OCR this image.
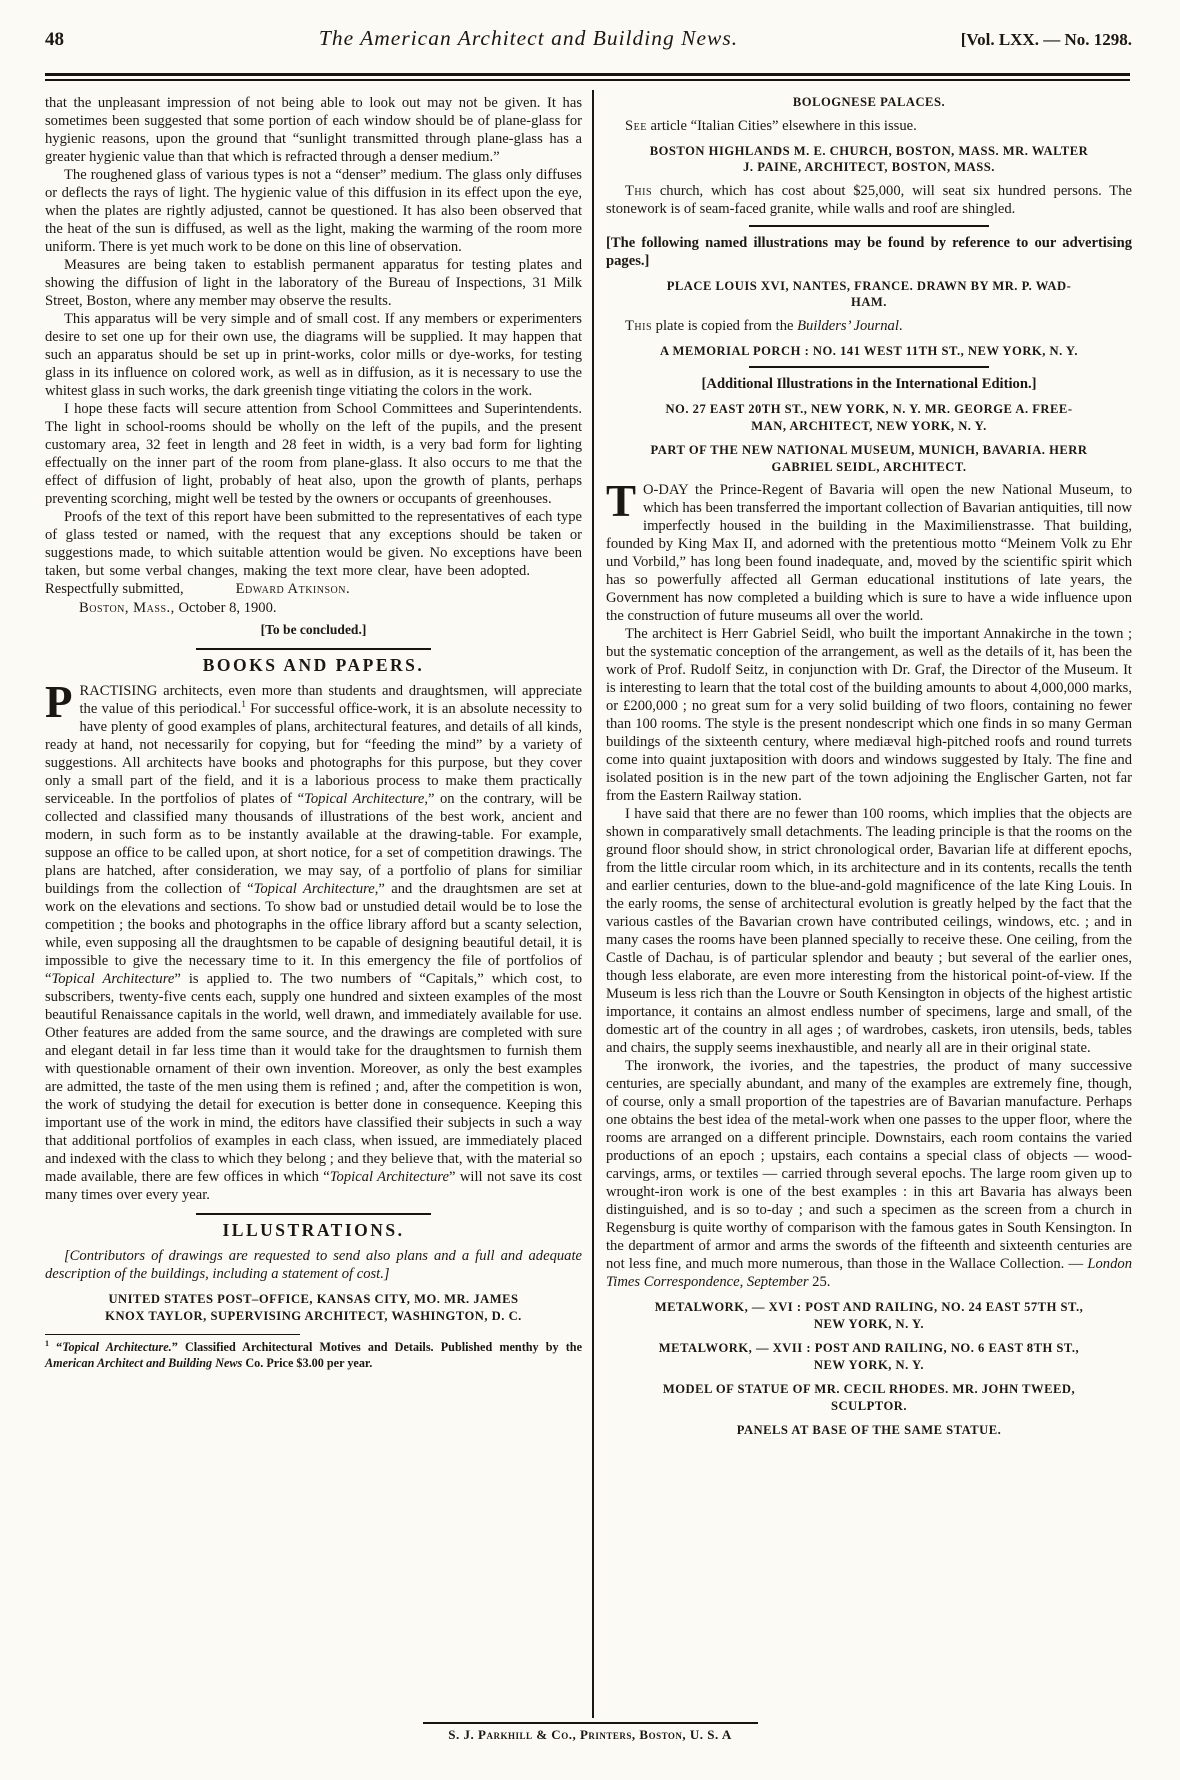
48	The American Architect and Building News.	[Vol. LXX. — No. 1298.

that the unpleasant impression of not being able to look out may not be given. It has sometimes been suggested that some portion of each window should be of plane-glass for hygienic reasons, upon the ground that “sunlight transmitted through plane-glass has a greater hygienic value than that which is refracted through a denser medium.”

The roughened glass of various types is not a “denser” medium. The glass only diffuses or deflects the rays of light. The hygienic value of this diffusion in its effect upon the eye, when the plates are rightly adjusted, cannot be questioned. It has also been observed that the heat of the sun is diffused, as well as the light, making the warming of the room more uniform. There is yet much work to be done on this line of observation.

Measures are being taken to establish permanent apparatus for testing plates and showing the diffusion of light in the laboratory of the Bureau of Inspections, 31 Milk Street, Boston, where any member may observe the results.

This apparatus will be very simple and of small cost. If any members or experimenters desire to set one up for their own use, the diagrams will be supplied. It may happen that such an apparatus should be set up in print-works, color mills or dye-works, for testing glass in its influence on colored work, as well as in diffusion, as it is necessary to use the whitest glass in such works, the dark greenish tinge vitiating the colors in the work.

I hope these facts will secure attention from School Committees and Superintendents. The light in school-rooms should be wholly on the left of the pupils, and the present customary area, 32 feet in length and 28 feet in width, is a very bad form for lighting effectually on the inner part of the room from plane-glass. It also occurs to me that the effect of diffusion of light, probably of heat also, upon the growth of plants, perhaps preventing scorching, might well be tested by the owners or occupants of greenhouses.

Proofs of the text of this report have been submitted to the representatives of each type of glass tested or named, with the request that any exceptions should be taken or suggestions made, to which suitable attention would be given. No exceptions have been taken, but some verbal changes, making the text more clear, have been adopted.Respectfully submitted,	Edward Atkinson.

Boston, Mass., October 8, 1900.
[To be concluded.]
BOOKS AND PAPERS.

PRACTISING architects, even more than students and draughtsmen, will appreciate the value of this periodical.$^1$ For successful office-work, it is an absolute necessity to have plenty of good examples of plans, architectural features, and details of all kinds, ready at hand, not necessarily for copying, but for “feeding the mind” by a variety of suggestions. All architects have books and photographs for this purpose, but they cover only a small part of the field, and it is a laborious process to make them practically serviceable. In the portfolios of plates of “Topical Architecture,” on the contrary, will be collected and classified many thousands of illustrations of the best work, ancient and modern, in such form as to be instantly available at the drawing-table. For example, suppose an office to be called upon, at short notice, for a set of competition drawings. The plans are hatched, after consideration, we may say, of a portfolio of plans for similiar buildings from the collection of “Topical Architecture,” and the draughtsmen are set at work on the elevations and sections. To show bad or unstudied detail would be to lose the competition ; the books and photographs in the office library afford but a scanty selection, while, even supposing all the draughtsmen to be capable of designing beautiful detail, it is impossible to give the necessary time to it. In this emergency the file of portfolios of “Topical Architecture” is applied to. The two numbers of “Capitals,” which cost, to subscribers, twenty-five cents each, supply one hundred and sixteen examples of the most beautiful Renaissance capitals in the world, well drawn, and immediately available for use. Other features are added from the same source, and the drawings are completed with sure and elegant detail in far less time than it would take for the draughtsmen to furnish them with questionable ornament of their own invention. Moreover, as only the best examples are admitted, the taste of the men using them is refined ; and, after the competition is won, the work of studying the detail for execution is better done in consequence. Keeping this important use of the work in mind, the editors have classified their subjects in such a way that additional portfolios of examples in each class, when issued, are immediately placed and indexed with the class to which they belong ; and they believe that, with the material so made available, there are few offices in which “Topical Architecture” will not save its cost many times over every year.

ILLUSTRATIONS.

[Contributors of drawings are requested to send also plans and a full and adequate description of the buildings, including a statement of cost.]

UNITED STATES POST–OFFICE, KANSAS CITY, MO. MR. JAMES
KNOX TAYLOR, SUPERVISING ARCHITECT, WASHINGTON, D. C.
$^1$ “Topical Architecture.” Classified Architectural Motives and Details. Published menthy by the American Architect and Building News Co. Price $3.00 per year.
BOLOGNESE PALACES.

See article “Italian Cities” elsewhere in this issue.

BOSTON HIGHLANDS M. E. CHURCH, BOSTON, MASS. MR. WALTER
J. PAINE, ARCHITECT, BOSTON, MASS.

This church, which has cost about $25,000, will seat six hundred persons. The stonework is of seam-faced granite, while walls and roof are shingled.

[The following named illustrations may be found by reference to our advertising pages.]

PLACE LOUIS XVI, NANTES, FRANCE. DRAWN BY MR. P. WAD-
HAM.

This plate is copied from the Builders’ Journal.

A MEMORIAL PORCH : NO. 141 WEST 11TH ST., NEW YORK, N. Y.

[Additional Illustrations in the International Edition.]

NO. 27 EAST 20TH ST., NEW YORK, N. Y. MR. GEORGE A. FREE-
MAN, ARCHITECT, NEW YORK, N. Y.
PART OF THE NEW NATIONAL MUSEUM, MUNICH, BAVARIA. HERR
GABRIEL SEIDL, ARCHITECT.

T O-DAY the Prince-Regent of Bavaria will open the new National Museum, to which has been transferred the important collection of Bavarian antiquities, till now imperfectly housed in the building in the Maximilienstrasse. That building, founded by King Max II, and adorned with the pretentious motto “Meinem Volk zu Ehr und Vorbild,” has long been found inadequate, and, moved by the scientific spirit which has so powerfully affected all German educational institutions of late years, the Government has now completed a building which is sure to have a wide influence upon the construction of future museums all over the world.

The architect is Herr Gabriel Seidl, who built the important Annakirche in the town ; but the systematic conception of the arrangement, as well as the details of it, has been the work of Prof. Rudolf Seitz, in conjunction with Dr. Graf, the Director of the Museum. It is interesting to learn that the total cost of the building amounts to about 4,000,000 marks, or £200,000 ; no great sum for a very solid building of two floors, containing no fewer than 100 rooms. The style is the present nondescript which one finds in so many German buildings of the sixteenth century, where mediæval high-pitched roofs and round turrets come into quaint juxtaposition with doors and windows suggested by Italy. The fine and isolated position is in the new part of the town adjoining the Englischer Garten, not far from the Eastern Railway station.

I have said that there are no fewer than 100 rooms, which implies that the objects are shown in comparatively small detachments. The leading principle is that the rooms on the ground floor should show, in strict chronological order, Bavarian life at different epochs, from the little circular room which, in its architecture and in its contents, recalls the tenth and earlier centuries, down to the blue-and-gold magnificence of the late King Louis. In the early rooms, the sense of architectural evolution is greatly helped by the fact that the various castles of the Bavarian crown have contributed ceilings, windows, etc. ; and in many cases the rooms have been planned specially to receive these. One ceiling, from the Castle of Dachau, is of particular splendor and beauty ; but several of the earlier ones, though less elaborate, are even more interesting from the historical point-of-view. If the Museum is less rich than the Louvre or South Kensington in objects of the highest artistic importance, it contains an almost endless number of specimens, large and small, of the domestic art of the country in all ages ; of wardrobes, caskets, iron utensils, beds, tables and chairs, the supply seems inexhaustible, and nearly all are in their original state.

The ironwork, the ivories, and the tapestries, the product of many successive centuries, are specially abundant, and many of the examples are extremely fine, though, of course, only a small proportion of the tapestries are of Bavarian manufacture. Perhaps one obtains the best idea of the metal-work when one passes to the upper floor, where the rooms are arranged on a different principle. Downstairs, each room contains the varied productions of an epoch ; upstairs, each contains a special class of objects — wood-carvings, arms, or textiles — carried through several epochs. The large room given up to wrought-iron work is one of the best examples : in this art Bavaria has always been distinguished, and is so to-day ; and such a specimen as the screen from a church in Regensburg is quite worthy of comparison with the famous gates in South Kensington. In the department of armor and arms the swords of the fifteenth and sixteenth centuries are not less fine, and much more numerous, than those in the Wallace Collection. — London Times Correspondence, September 25.

METALWORK, — XVI : POST AND RAILING, NO. 24 EAST 57TH ST.,
NEW YORK, N. Y.
METALWORK, — XVII : POST AND RAILING, NO. 6 EAST 8TH ST.,
NEW YORK, N. Y.
MODEL OF STATUE OF MR. CECIL RHODES. MR. JOHN TWEED,
SCULPTOR.
PANELS AT BASE OF THE SAME STATUE.
S. J. Parkhill & Co., Printers, Boston, U. S. A
